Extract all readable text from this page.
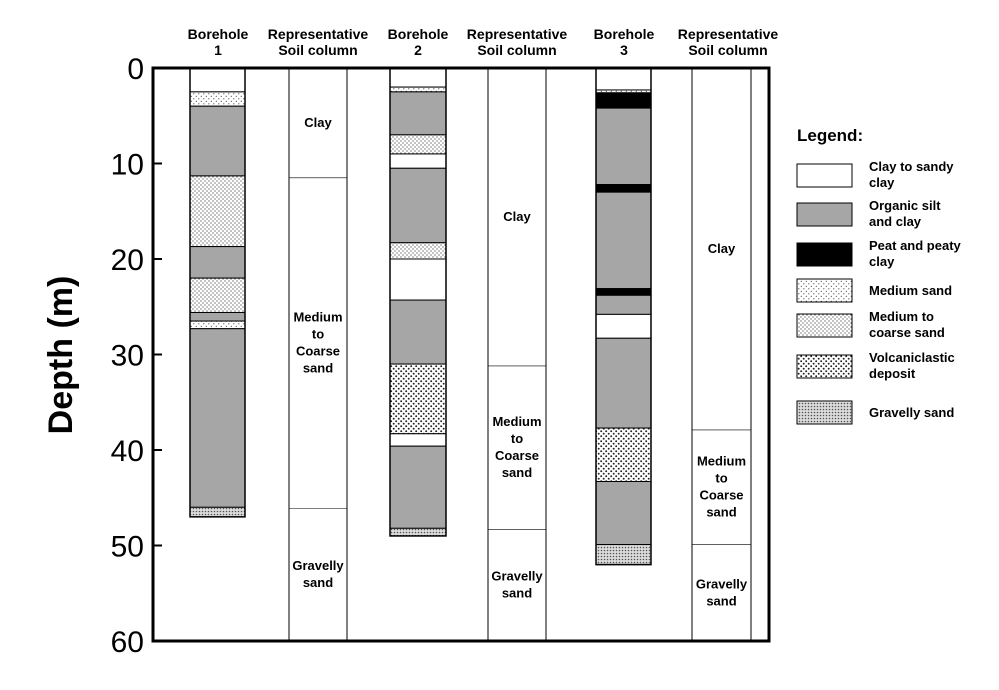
Borehole 1
Representative Soil column
Borehole 2
Representative Soil column
Borehole 3
Representative Soil column
0
10
20
30
40
50
60
Depth (m)
Clay
Medium to Coarse sand
Gravelly sand
Clay
Medium to Coarse sand
Gravelly sand
Clay
Medium to Coarse sand
Gravelly sand
Legend:
Clay to sandy clay
Organic silt and clay
Peat and peaty clay
Medium sand
Medium to coarse sand
Volcaniclastic deposit
Gravelly sand
